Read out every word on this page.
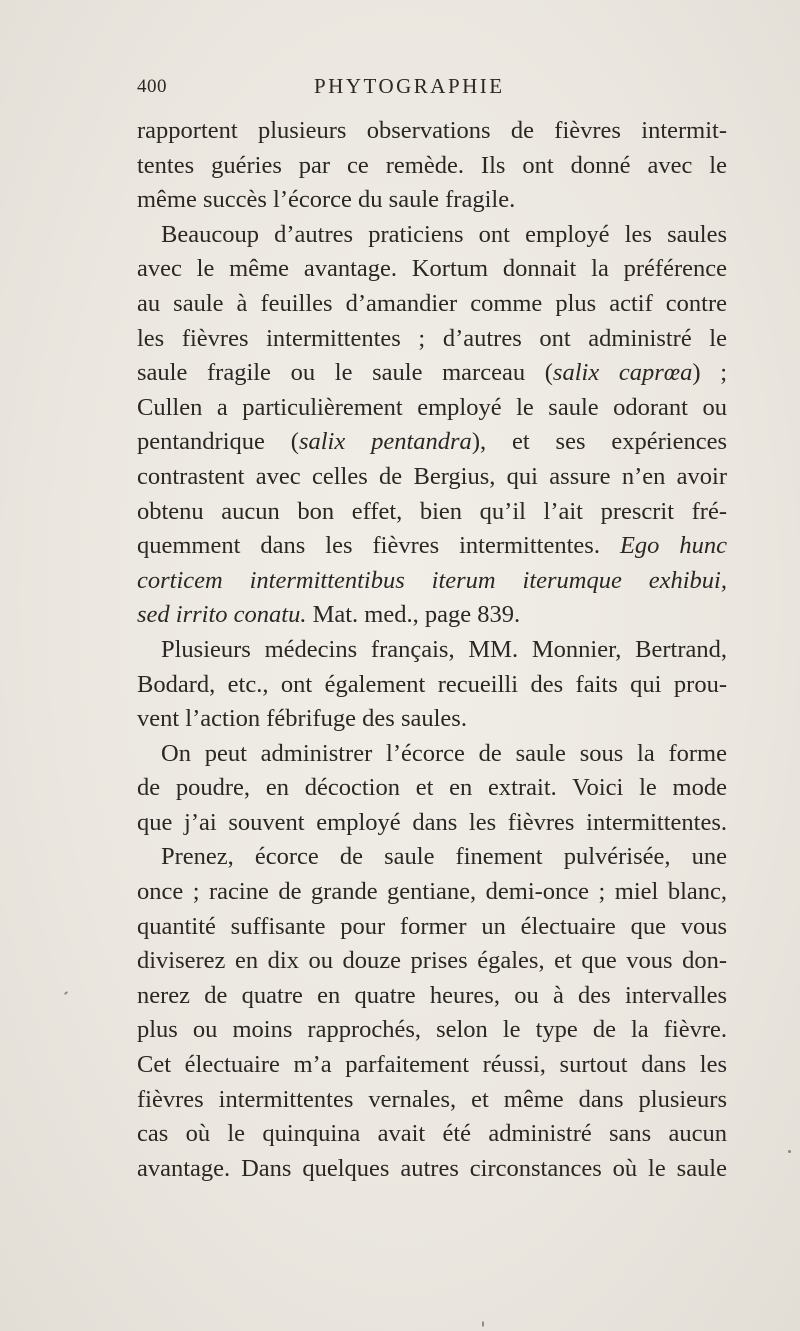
400	PHYTOGRAPHIE
rapportent plusieurs observations de fièvres intermit-
tentes guéries par ce remède. Ils ont donné avec le
même succès l’écorce du saule fragile.
Beaucoup d’autres praticiens ont employé les saules
avec le même avantage. Kortum donnait la préférence
au saule à feuilles d’amandier comme plus actif contre
les fièvres intermittentes ; d’autres ont administré le
saule fragile ou le saule marceau (salix caprœa) ;
Cullen a particulièrement employé le saule odorant ou
pentandrique (salix pentandra), et ses expériences
contrastent avec celles de Bergius, qui assure n’en avoir
obtenu aucun bon effet, bien qu’il l’ait prescrit fré-
quemment dans les fièvres intermittentes. Ego hunc
corticem intermittentibus iterum iterumque exhibui,
sed irrito conatu. Mat. med., page 839.
Plusieurs médecins français, MM. Monnier, Bertrand,
Bodard, etc., ont également recueilli des faits qui prou-
vent l’action fébrifuge des saules.
On peut administrer l’écorce de saule sous la forme
de poudre, en décoction et en extrait. Voici le mode
que j’ai souvent employé dans les fièvres intermittentes.
Prenez, écorce de saule finement pulvérisée, une
once ; racine de grande gentiane, demi-once ; miel blanc,
quantité suffisante pour former un électuaire que vous
diviserez en dix ou douze prises égales, et que vous don-
nerez de quatre en quatre heures, ou à des intervalles
plus ou moins rapprochés, selon le type de la fièvre.
Cet électuaire m’a parfaitement réussi, surtout dans les
fièvres intermittentes vernales, et même dans plusieurs
cas où le quinquina avait été administré sans aucun
avantage. Dans quelques autres circonstances où le saule
